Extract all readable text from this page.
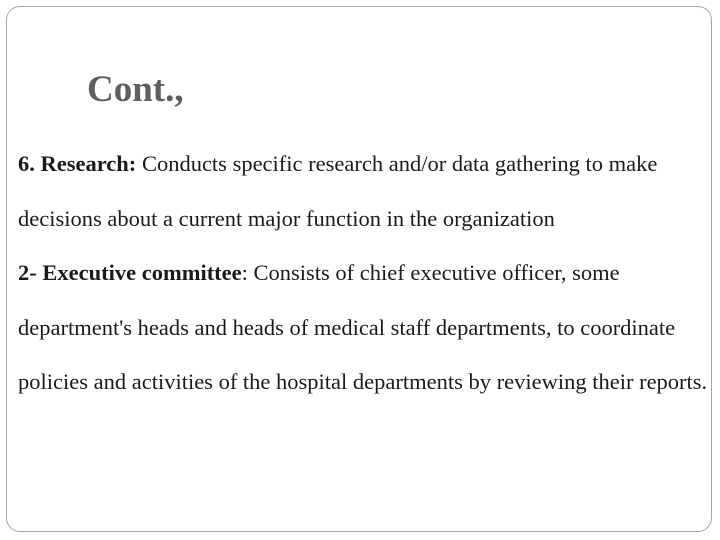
Cont.,

6. Research: Conducts specific research and/or data gathering to make decisions about a current major function in the organization

2- Executive committee: Consists of chief executive officer, some department's heads and heads of medical staff departments, to coordinate policies and activities of the hospital departments by reviewing their reports.
